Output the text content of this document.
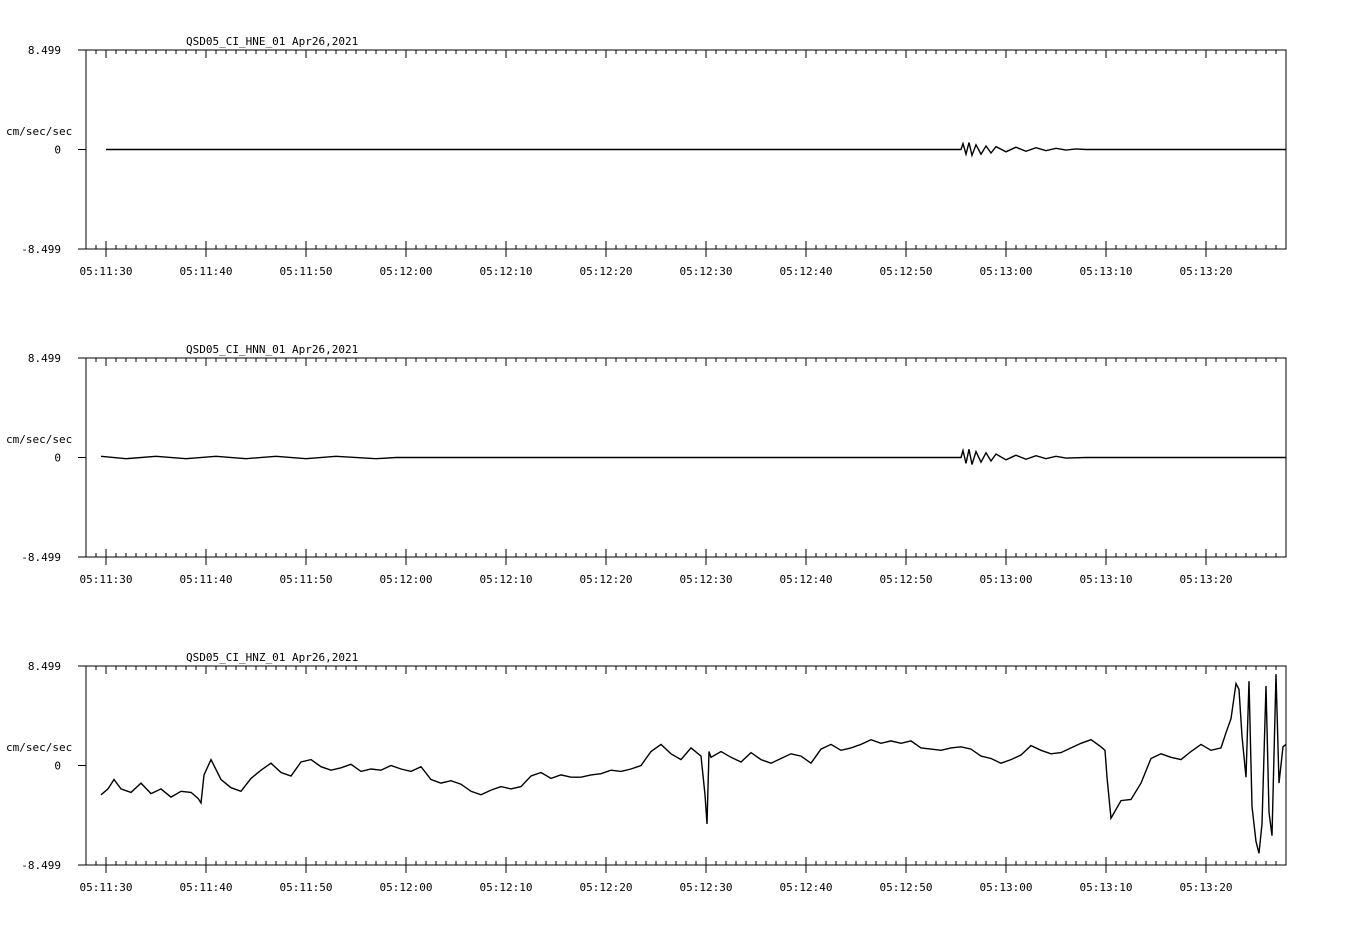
QSD05_CI_HNE_01 Apr26,2021
8.499
0
-8.499
cm/sec/sec
05:11:30	05:11:40	05:11:50	05:12:00	05:12:10	05:12:20	05:12:30	05:12:40	05:12:50	05:13:00	05:13:10	05:13:20
QSD05_CI_HNN_01 Apr26,2021
8.499
0
-8.499
cm/sec/sec
05:11:30	05:11:40	05:11:50	05:12:00	05:12:10	05:12:20	05:12:30	05:12:40	05:12:50	05:13:00	05:13:10	05:13:20
QSD05_CI_HNZ_01 Apr26,2021
8.499
0
-8.499
cm/sec/sec
05:11:30	05:11:40	05:11:50	05:12:00	05:12:10	05:12:20	05:12:30	05:12:40	05:12:50	05:13:00	05:13:10	05:13:20
